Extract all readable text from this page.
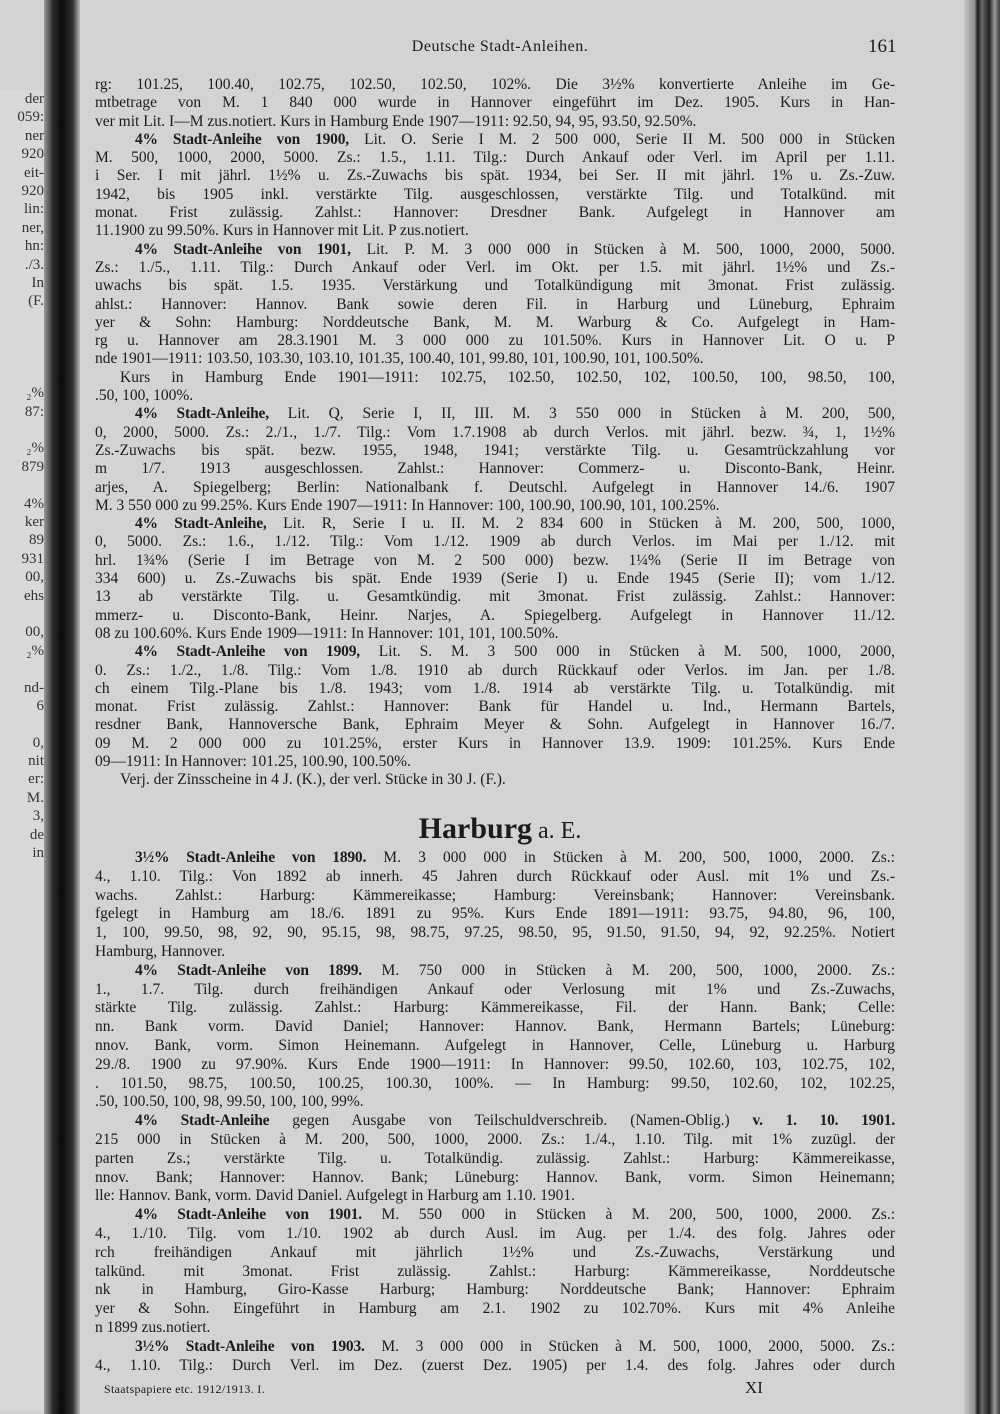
der
059:
ner
920
eit-
920
lin:
ner,
hn:
./3.
In
(F.
₂%
87:
₂%
879
4%
ker
89
931
00,
ehs
00,
₂%
nd-
6
0,
nit
er:
M.
3,
de
in
Deutsche Stadt-Anleihen.	161
rg: 101.25, 100.40, 102.75, 102.50, 102.50, 102%. Die 3½% konvertierte Anleihe im Ge-
mtbetrage von M. 1 840 000 wurde in Hannover eingeführt im Dez. 1905. Kurs in Han-
ver mit Lit. I—M zus.notiert. Kurs in Hamburg Ende 1907—1911: 92.50, 94, 95, 93.50, 92.50%.
4% Stadt-Anleihe von 1900, Lit. O. Serie I M. 2 500 000, Serie II M. 500 000 in Stücken
M. 500, 1000, 2000, 5000. Zs.: 1.5., 1.11. Tilg.: Durch Ankauf oder Verl. im April per 1.11.
i Ser. I mit jährl. 1½% u. Zs.-Zuwachs bis spät. 1934, bei Ser. II mit jährl. 1% u. Zs.-Zuw.
1942, bis 1905 inkl. verstärkte Tilg. ausgeschlossen, verstärkte Tilg. und Totalkünd. mit
monat. Frist zulässig. Zahlst.: Hannover: Dresdner Bank. Aufgelegt in Hannover am
11.1900 zu 99.50%. Kurs in Hannover mit Lit. P zus.notiert.
4% Stadt-Anleihe von 1901, Lit. P. M. 3 000 000 in Stücken à M. 500, 1000, 2000, 5000.
Zs.: 1./5., 1.11. Tilg.: Durch Ankauf oder Verl. im Okt. per 1.5. mit jährl. 1½% und Zs.-
uwachs bis spät. 1.5. 1935. Verstärkung und Totalkündigung mit 3monat. Frist zulässig.
ahlst.: Hannover: Hannov. Bank sowie deren Fil. in Harburg und Lüneburg, Ephraim
yer & Sohn: Hamburg: Norddeutsche Bank, M. M. Warburg & Co. Aufgelegt in Ham-
rg u. Hannover am 28.3.1901 M. 3 000 000 zu 101.50%. Kurs in Hannover Lit. O u. P
nde 1901—1911: 103.50, 103.30, 103.10, 101.35, 100.40, 101, 99.80, 101, 100.90, 101, 100.50%.
Kurs in Hamburg Ende 1901—1911: 102.75, 102.50, 102.50, 102, 100.50, 100, 98.50, 100,
.50, 100, 100%.
4% Stadt-Anleihe, Lit. Q, Serie I, II, III. M. 3 550 000 in Stücken à M. 200, 500,
0, 2000, 5000. Zs.: 2./1., 1./7. Tilg.: Vom 1.7.1908 ab durch Verlos. mit jährl. bezw. ¾, 1, 1½%
Zs.-Zuwachs bis spät. bezw. 1955, 1948, 1941; verstärkte Tilg. u. Gesamtrückzahlung vor
m 1/7. 1913 ausgeschlossen. Zahlst.: Hannover: Commerz- u. Disconto-Bank, Heinr.
arjes, A. Spiegelberg; Berlin: Nationalbank f. Deutschl. Aufgelegt in Hannover 14./6. 1907
M. 3 550 000 zu 99.25%. Kurs Ende 1907—1911: In Hannover: 100, 100.90, 100.90, 101, 100.25%.
4% Stadt-Anleihe, Lit. R, Serie I u. II. M. 2 834 600 in Stücken à M. 200, 500, 1000,
0, 5000. Zs.: 1.6., 1./12. Tilg.: Vom 1./12. 1909 ab durch Verlos. im Mai per 1./12. mit
hrl. 1¾% (Serie I im Betrage von M. 2 500 000) bezw. 1¼% (Serie II im Betrage von
334 600) u. Zs.-Zuwachs bis spät. Ende 1939 (Serie I) u. Ende 1945 (Serie II); vom 1./12.
13 ab verstärkte Tilg. u. Gesamtkündig. mit 3monat. Frist zulässig. Zahlst.: Hannover:
mmerz- u. Disconto-Bank, Heinr. Narjes, A. Spiegelberg. Aufgelegt in Hannover 11./12.
08 zu 100.60%. Kurs Ende 1909—1911: In Hannover: 101, 101, 100.50%.
4% Stadt-Anleihe von 1909, Lit. S. M. 3 500 000 in Stücken à M. 500, 1000, 2000,
0. Zs.: 1./2., 1./8. Tilg.: Vom 1./8. 1910 ab durch Rückkauf oder Verlos. im Jan. per 1./8.
ch einem Tilg.-Plane bis 1./8. 1943; vom 1./8. 1914 ab verstärkte Tilg. u. Totalkündig. mit
monat. Frist zulässig. Zahlst.: Hannover: Bank für Handel u. Ind., Hermann Bartels,
resdner Bank, Hannoversche Bank, Ephraim Meyer & Sohn. Aufgelegt in Hannover 16./7.
09 M. 2 000 000 zu 101.25%, erster Kurs in Hannover 13.9. 1909: 101.25%. Kurs Ende
09—1911: In Hannover: 101.25, 100.90, 100.50%.
Verj. der Zinsscheine in 4 J. (K.), der verl. Stücke in 30 J. (F.).
Harburg a. E.
3½% Stadt-Anleihe von 1890. M. 3 000 000 in Stücken à M. 200, 500, 1000, 2000. Zs.:
4., 1.10. Tilg.: Von 1892 ab innerh. 45 Jahren durch Rückkauf oder Ausl. mit 1% und Zs.-
wachs. Zahlst.: Harburg: Kämmereikasse; Hamburg: Vereinsbank; Hannover: Vereinsbank.
fgelegt in Hamburg am 18./6. 1891 zu 95%. Kurs Ende 1891—1911: 93.75, 94.80, 96, 100,
1, 100, 99.50, 98, 92, 90, 95.15, 98, 98.75, 97.25, 98.50, 95, 91.50, 91.50, 94, 92, 92.25%. Notiert
Hamburg, Hannover.
4% Stadt-Anleihe von 1899. M. 750 000 in Stücken à M. 200, 500, 1000, 2000. Zs.:
1., 1.7. Tilg. durch freihändigen Ankauf oder Verlosung mit 1% und Zs.-Zuwachs,
stärkte Tilg. zulässig. Zahlst.: Harburg: Kämmereikasse, Fil. der Hann. Bank; Celle:
nn. Bank vorm. David Daniel; Hannover: Hannov. Bank, Hermann Bartels; Lüneburg:
nnov. Bank, vorm. Simon Heinemann. Aufgelegt in Hannover, Celle, Lüneburg u. Harburg
29./8. 1900 zu 97.90%. Kurs Ende 1900—1911: In Hannover: 99.50, 102.60, 103, 102.75, 102,
. 101.50, 98.75, 100.50, 100.25, 100.30, 100%. — In Hamburg: 99.50, 102.60, 102, 102.25,
.50, 100.50, 100, 98, 99.50, 100, 100, 99%.
4% Stadt-Anleihe gegen Ausgabe von Teilschuldverschreib. (Namen-Oblig.) v. 1. 10. 1901.
215 000 in Stücken à M. 200, 500, 1000, 2000. Zs.: 1./4., 1.10. Tilg. mit 1% zuzügl. der
parten Zs.; verstärkte Tilg. u. Totalkündig. zulässig. Zahlst.: Harburg: Kämmereikasse,
nnov. Bank; Hannover: Hannov. Bank; Lüneburg: Hannov. Bank, vorm. Simon Heinemann;
lle: Hannov. Bank, vorm. David Daniel. Aufgelegt in Harburg am 1.10. 1901.
4% Stadt-Anleihe von 1901. M. 550 000 in Stücken à M. 200, 500, 1000, 2000. Zs.:
4., 1./10. Tilg. vom 1./10. 1902 ab durch Ausl. im Aug. per 1./4. des folg. Jahres oder
rch freihändigen Ankauf mit jährlich 1½% und Zs.-Zuwachs, Verstärkung und
talkünd. mit 3monat. Frist zulässig. Zahlst.: Harburg: Kämmereikasse, Norddeutsche
nk in Hamburg, Giro-Kasse Harburg; Hamburg: Norddeutsche Bank; Hannover: Ephraim
yer & Sohn. Eingeführt in Hamburg am 2.1. 1902 zu 102.70%. Kurs mit 4% Anleihe
n 1899 zus.notiert.
3½% Stadt-Anleihe von 1903. M. 3 000 000 in Stücken à M. 500, 1000, 2000, 5000. Zs.:
4., 1.10. Tilg.: Durch Verl. im Dez. (zuerst Dez. 1905) per 1.4. des folg. Jahres oder durch
Staatspapiere etc. 1912/1913. I.	XI
